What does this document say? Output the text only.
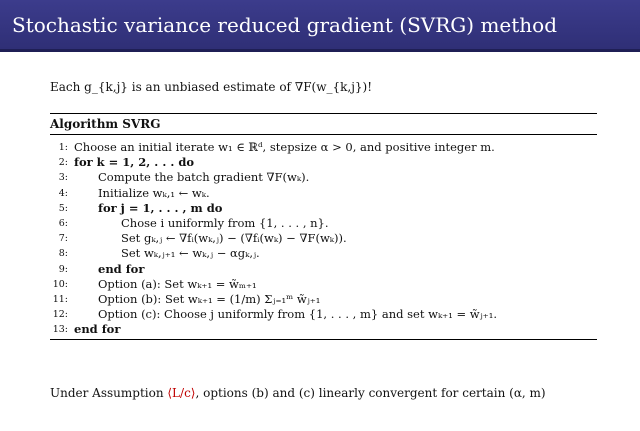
Stochastic variance reduced gradient (SVRG) method
Each g_{k,j} is an unbiased estimate of ∇F(w_{k,j})!
Algorithm SVRG
1: Choose an initial iterate w₁ ∈ ℝᵈ, stepsize α > 0, and positive integer m.
2: for k = 1, 2, . . . do
3:	Compute the batch gradient ∇F(wₖ).
4:	Initialize wₖ,₁ ← wₖ.
5:	for j = 1, . . . , m do
6:	Chose i uniformly from {1, . . . , n}.
7:	Set gₖ,ⱼ ← ∇fᵢ(wₖ,ⱼ) − (∇fᵢ(wₖ) − ∇F(wₖ)).
8:	Set wₖ,ⱼ₊₁ ← wₖ,ⱼ − αgₖ,ⱼ.
9:	end for
10:	Option (a): Set wₖ₊₁ = w̃ₘ₊₁
11:	Option (b): Set wₖ₊₁ = (1/m) Σⱼ₌₁ᵐ w̃ⱼ₊₁
12:	Option (c): Choose j uniformly from {1, . . . , m} and set wₖ₊₁ = w̃ⱼ₊₁.
13: end for
Under Assumption ⟨L/c⟩, options (b) and (c) linearly convergent for certain (α, m)
